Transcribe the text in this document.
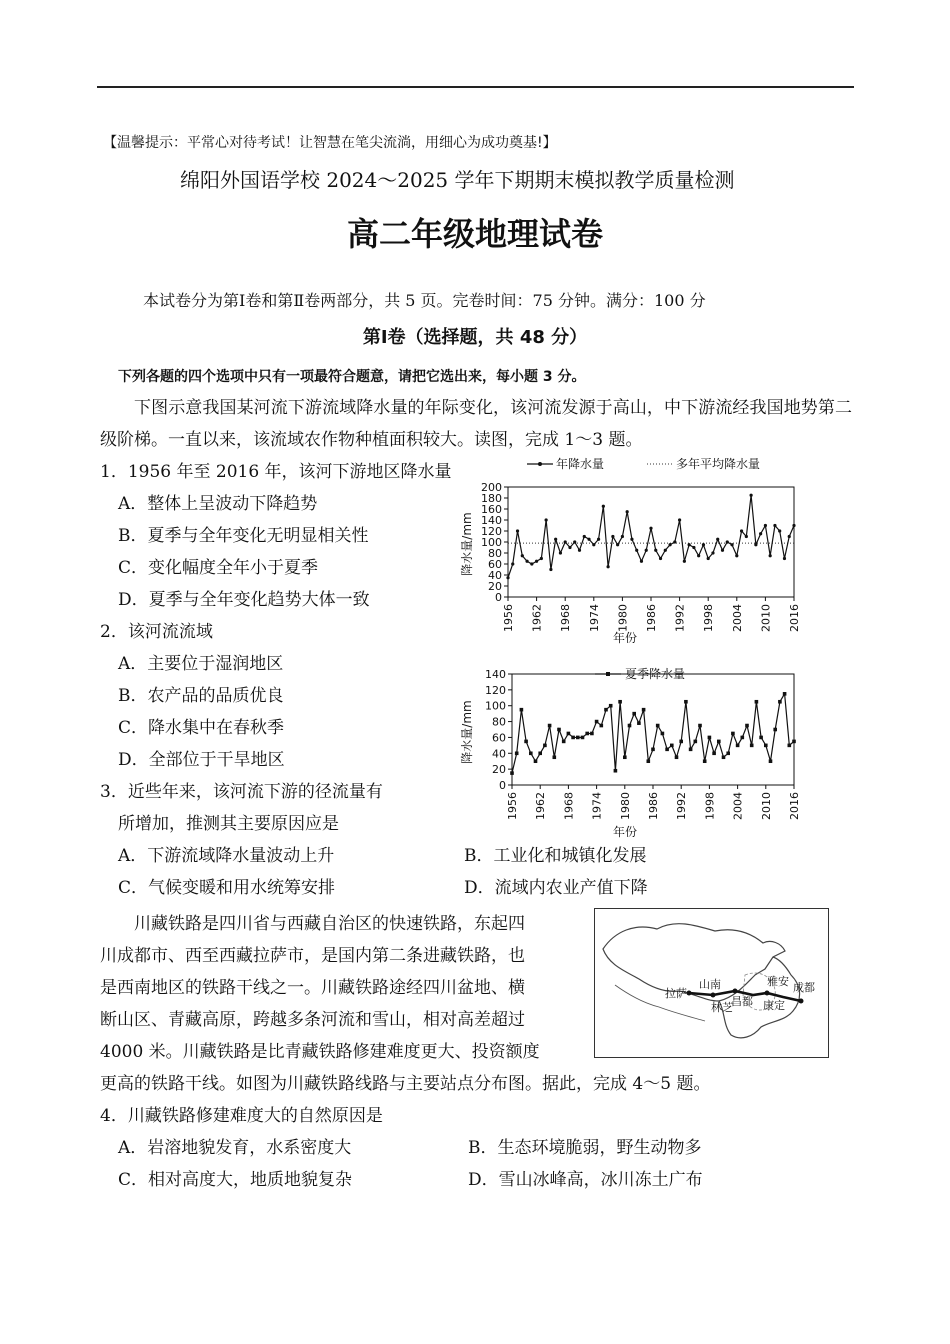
【温馨提示：平常心对待考试！让智慧在笔尖流淌，用细心为成功奠基!】
绵阳外国语学校 2024～2025 学年下期期末模拟教学质量检测
高二年级地理试卷
本试卷分为第Ⅰ卷和第Ⅱ卷两部分，共 5 页。完卷时间：75 分钟。满分：100 分
第Ⅰ卷（选择题，共 48 分）
下列各题的四个选项中只有一项最符合题意，请把它选出来，每小题 3 分。
下图示意我国某河流下游流域降水量的年际变化，该河流发源于高山，中下游流经我国地势第二级阶梯。一直以来，该流域农作物种植面积较大。读图，完成 1～3 题。
1．1956 年至 2016 年，该河下游地区降水量
A．整体上呈波动下降趋势
B．夏季与全年变化无明显相关性
C．变化幅度全年小于夏季
D．夏季与全年变化趋势大体一致
2．该河流流域
A．主要位于湿润地区
B．农产品的品质优良
C．降水集中在春秋季
D．全部位于干旱地区
3．近些年来，该河流下游的径流量有
所增加，推测其主要原因应是
A．下游流域降水量波动上升	B．工业化和城镇化发展
C．气候变暖和用水统筹安排	D．流域内农业产值下降
年降水量	多年平均降水量
0
20
40
60
80
100
120
140
160
180
200
1956 1962 1968 1974 1980 1986 1992 1998 2004 2010 2016
年份
降水量/mm
夏季降水量
0
20
40
60
80
100
120
140
1956 1962 1968 1974 1980 1986 1992 1998 2004 2010 2016
年份
降水量/mm
川藏铁路是四川省与西藏自治区的快速铁路，东起四
川成都市、西至西藏拉萨市，是国内第二条进藏铁路，也
是西南地区的铁路干线之一。川藏铁路途经四川盆地、横
断山区、青藏高原，跨越多条河流和雪山，相对高差超过
4000 米。川藏铁路是比青藏铁路修建难度更大、投资额度
更高的铁路干线。如图为川藏铁路线路与主要站点分布图。据此，完成 4～5 题。
拉萨
山南
林芝
昌都
雅安
康定
成都
4．川藏铁路修建难度大的自然原因是
A．岩溶地貌发育，水系密度大	B．生态环境脆弱，野生动物多
C．相对高度大，地质地貌复杂	D．雪山冰峰高，冰川冻土广布
